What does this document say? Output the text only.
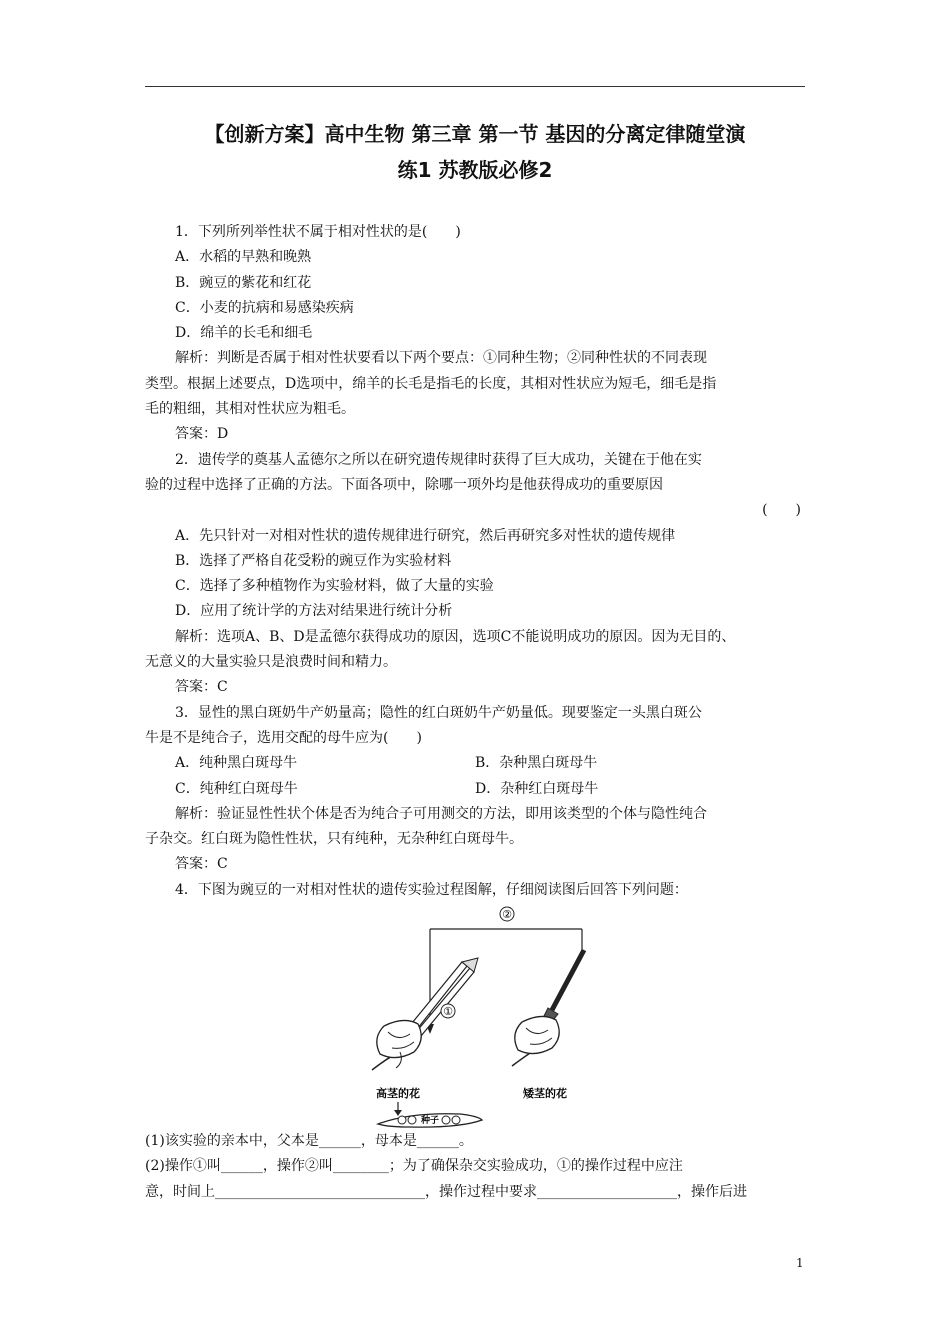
【创新方案】高中生物 第三章 第一节 基因的分离定律随堂演
练1 苏教版必修2
1．下列所列举性状不属于相对性状的是(　　)
A．水稻的早熟和晚熟
B．豌豆的紫花和红花
C．小麦的抗病和易感染疾病
D．绵羊的长毛和细毛
解析：判断是否属于相对性状要看以下两个要点：①同种生物；②同种性状的不同表现
类型。根据上述要点，D选项中，绵羊的长毛是指毛的长度，其相对性状应为短毛，细毛是指
毛的粗细，其相对性状应为粗毛。
答案：D
2．遗传学的奠基人孟德尔之所以在研究遗传规律时获得了巨大成功，关键在于他在实
验的过程中选择了正确的方法。下面各项中，除哪一项外均是他获得成功的重要原因
(　　)
A．先只针对一对相对性状的遗传规律进行研究，然后再研究多对性状的遗传规律
B．选择了严格自花受粉的豌豆作为实验材料
C．选择了多种植物作为实验材料，做了大量的实验
D．应用了统计学的方法对结果进行统计分析
解析：选项A、B、D是孟德尔获得成功的原因，选项C不能说明成功的原因。因为无目的、
无意义的大量实验只是浪费时间和精力。
答案：C
3．显性的黑白斑奶牛产奶量高；隐性的红白斑奶牛产奶量低。现要鉴定一头黑白斑公
牛是不是纯合子，选用交配的母牛应为(　　)
A．纯种黑白斑母牛	B．杂种黑白斑母牛
C．纯种红白斑母牛	D．杂种红白斑母牛
解析：验证显性性状个体是否为纯合子可用测交的方法，即用该类型的个体与隐性纯合
子杂交。红白斑为隐性性状，只有纯种，无杂种红白斑母牛。
答案：C
4．下图为豌豆的一对相对性状的遗传实验过程图解，仔细阅读图后回答下列问题：
②
①
高茎的花	矮茎的花
种子
(1)该实验的亲本中，父本是______，母本是______。
(2)操作①叫______，操作②叫________；为了确保杂交实验成功，①的操作过程中应注
意，时间上______________________________，操作过程中要求____________________，操作后进
1
